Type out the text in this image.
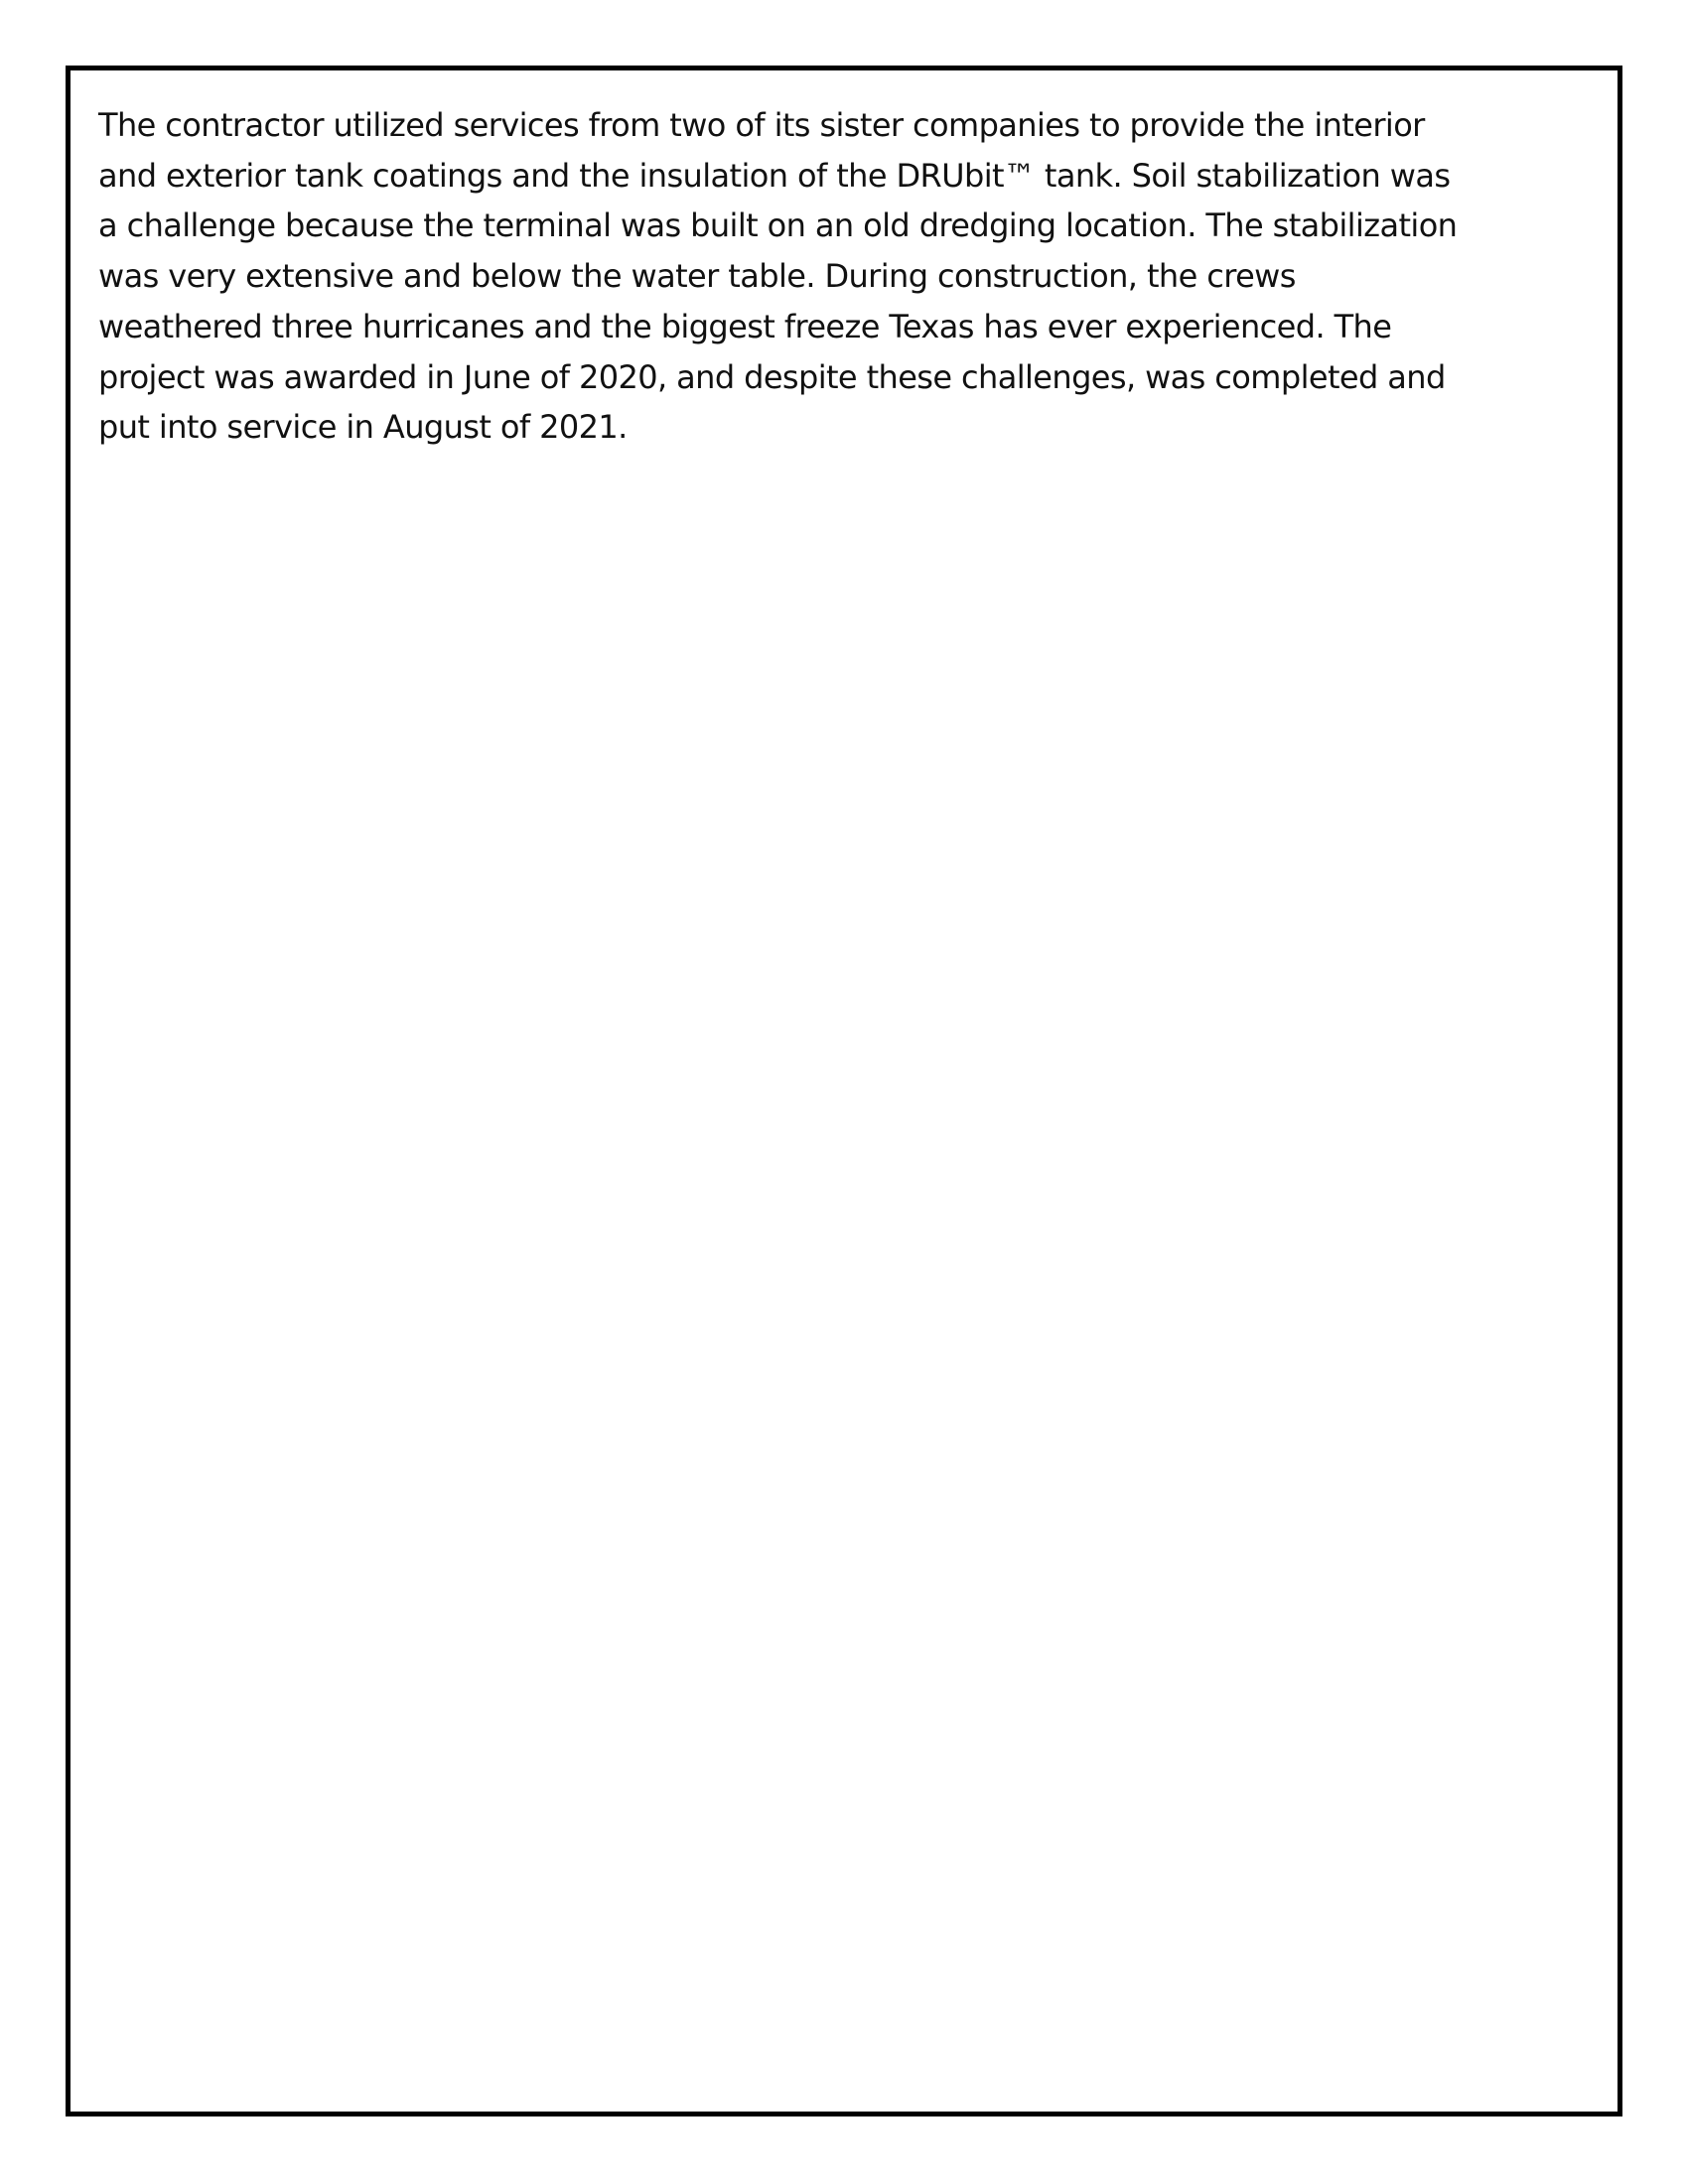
The contractor utilized services from two of its sister companies to provide the interior
and exterior tank coatings and the insulation of the DRUbit™ tank. Soil stabilization was
a challenge because the terminal was built on an old dredging location. The stabilization
was very extensive and below the water table. During construction, the crews
weathered three hurricanes and the biggest freeze Texas has ever experienced. The
project was awarded in June of 2020, and despite these challenges, was completed and
put into service in August of 2021.
